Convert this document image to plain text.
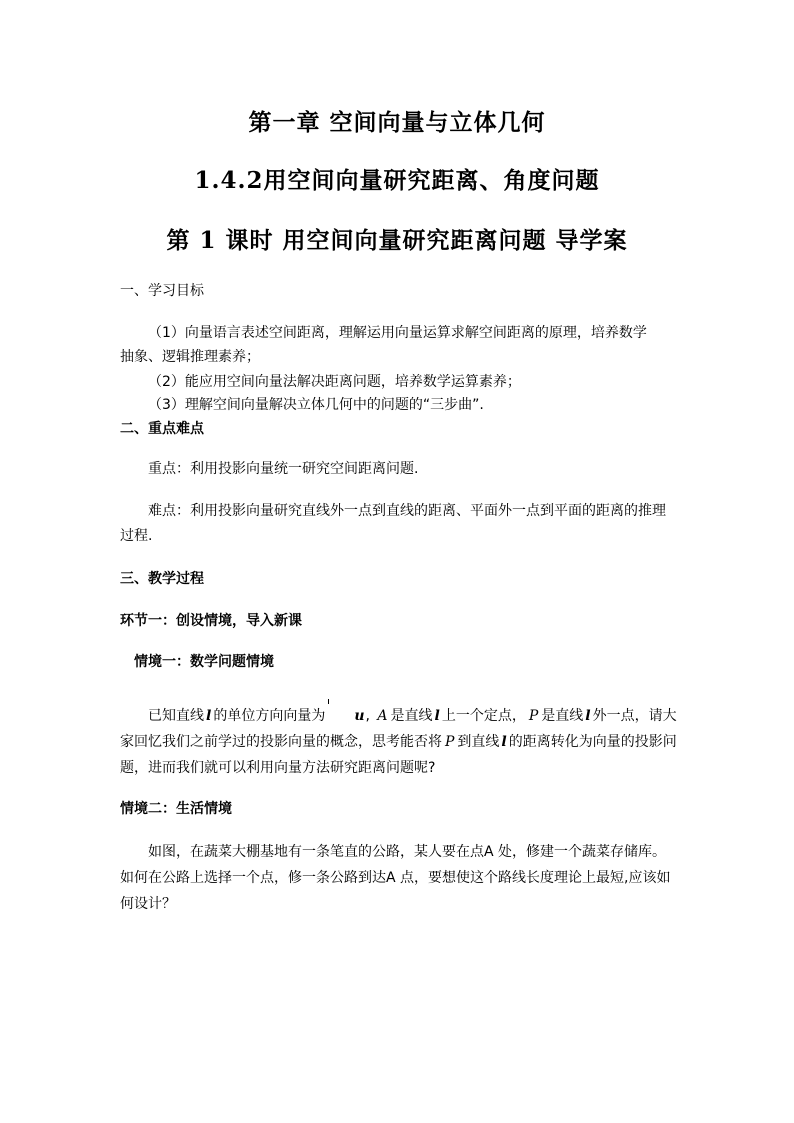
第一章 空间向量与立体几何
1.4.2用空间向量研究距离、角度问题
第 1 课时 用空间向量研究距离问题 导学案
一、学习目标
（1）向量语言表述空间距离，理解运用向量运算求解空间距离的原理，培养数学
抽象、逻辑推理素养；
（2）能应用空间向量法解决距离问题，培养数学运算素养；
（3）理解空间向量解决立体几何中的问题的“三步曲”.
二、重点难点
重点：利用投影向量统一研究空间距离问题.
难点：利用投影向量研究直线外一点到直线的距离、平面外一点到平面的距离的推理过程.
三、教学过程
环节一：创设情境，导入新课
情境一：数学问题情境
已知直线 l 的单位方向向量为 u, A 是直线 l 上一个定点， P 是直线 l 外一点，请大家回忆我们之前学过的投影向量的概念，思考能否将 P 到直线 l 的距离转化为向量的投影问题，进而我们就可以利用向量方法研究距离问题呢?
情境二：生活情境
如图，在蔬菜大棚基地有一条笔直的公路，某人要在点A 处，修建一个蔬菜存储库。如何在公路上选择一个点，修一条公路到达A 点，要想使这个路线长度理论上最短,应该如何设计？
